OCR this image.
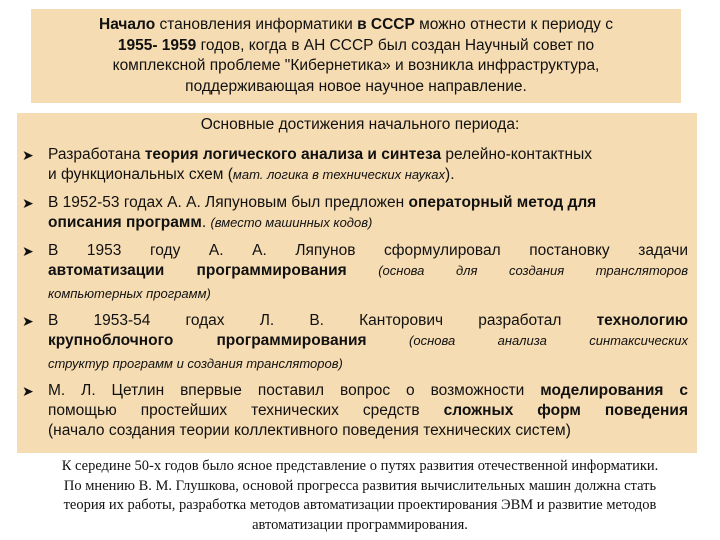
Начало становления информатики в СССР можно отнести к периоду с
1955- 1959 годов, когда в АН СССР был создан Научный совет по
комплексной проблеме "Кибернетика» и возникла инфраструктура,
поддерживающая новое научное направление.
Основные достижения начального периода:
➤ Разработана теория логического анализа и синтеза релейно-контактных
и функциональных схем (мат. логика в технических науках).
➤ В 1952-53 годах А. А. Ляпуновым был предложен операторный метод для
описания программ. (вместо машинных кодов)
➤ В 1953 году А. А. Ляпунов сформулировал постановку задачи
автоматизации программирования (основа для создания трансляторов
компьютерных программ)
➤ В 1953-54 годах Л. В. Канторович разработал технологию
крупноблочного программирования (основа анализа синтаксических
структур программ и создания трансляторов)
➤ М. Л. Цетлин впервые поставил вопрос о возможности моделирования с
помощью простейших технических средств сложных форм поведения
(начало создания теории коллективного поведения технических систем)
К середине 50-х годов было ясное представление о путях развития отечественной информатики.
По мнению В. М. Глушкова, основой прогресса развития вычислительных машин должна стать
теория их работы, разработка методов автоматизации проектирования ЭВМ и развитие методов
автоматизации программирования.
